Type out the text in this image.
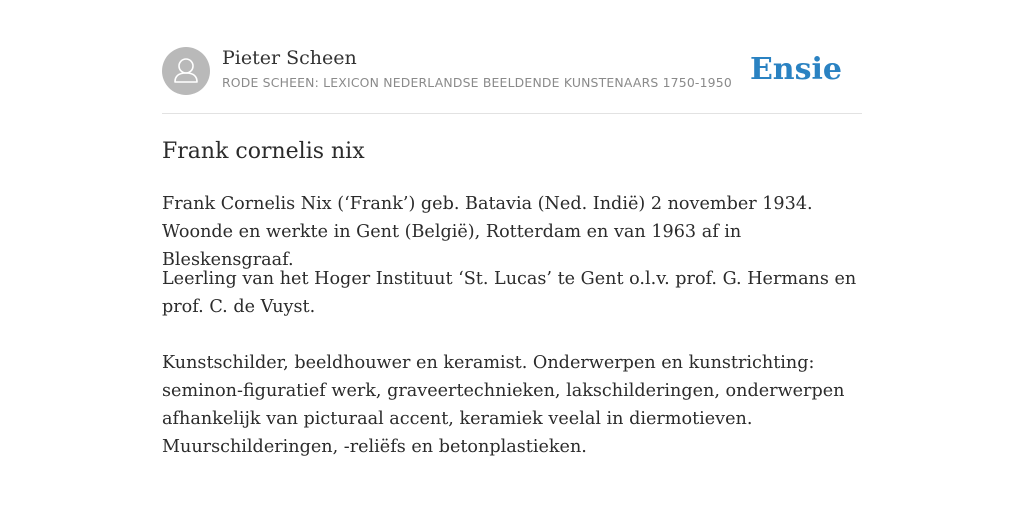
Pieter Scheen
RODE SCHEEN: LEXICON NEDERLANDSE BEELDENDE KUNSTENAARS 1750-1950 Ensie
Frank cornelis nix

Frank Cornelis Nix (‘Frank’) geb. Batavia (Ned. Indië) 2 november 1934. Woonde en werkte in Gent (België), Rotterdam en van 1963 af in Bleskensgraaf.

Leerling van het Hoger Instituut ‘St. Lucas’ te Gent o.l.v. prof. G. Hermans en prof. C. de Vuyst.

Kunstschilder, beeldhouwer en keramist. Onderwerpen en kunstrichting: seminon-figuratief werk, graveertechnieken, lakschilderingen, onderwerpen afhankelijk van picturaal accent, keramiek veelal in diermotieven. Muurschilderingen, -reliëfs en betonplastieken.
